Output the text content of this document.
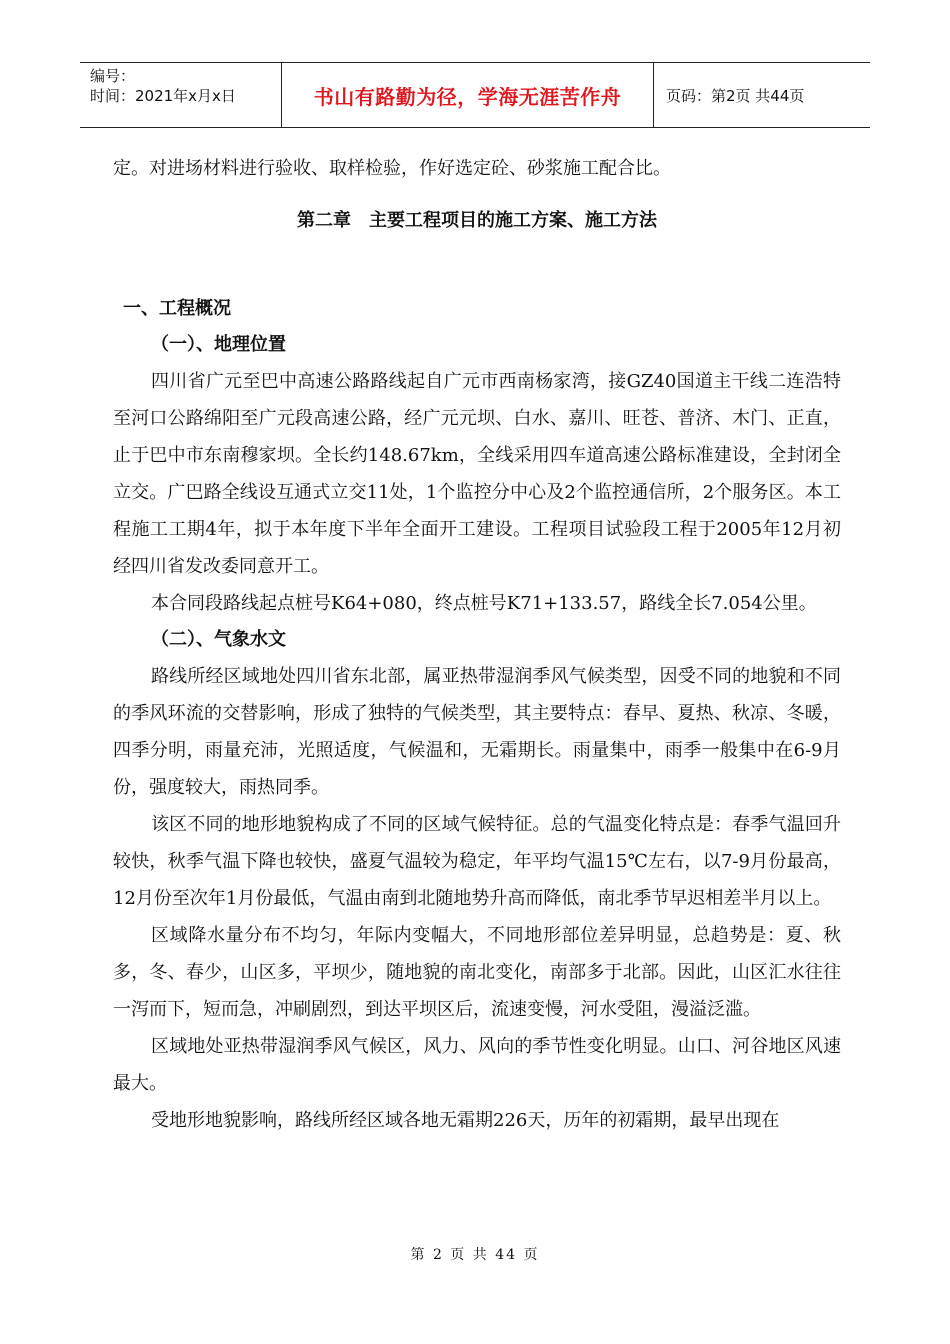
编号：
时间：2021年x月x日	书山有路勤为径，学海无涯苦作舟	页码：第2页 共44页

定。对进场材料进行验收、取样检验，作好选定砼、砂浆施工配合比。

第二章　主要工程项目的施工方案、施工方法
一、工程概况
（一）、地理位置

四川省广元至巴中高速公路路线起自广元市西南杨家湾，接GZ40国道主干线二连浩特至河口公路绵阳至广元段高速公路，经广元元坝、白水、嘉川、旺苍、普济、木门、正直，止于巴中市东南穆家坝。全长约148.67km，全线采用四车道高速公路标准建设，全封闭全立交。广巴路全线设互通式立交11处，1个监控分中心及2个监控通信所，2个服务区。本工程施工工期4年，拟于本年度下半年全面开工建设。工程项目试验段工程于2005年12月初经四川省发改委同意开工。

本合同段路线起点桩号K64+080，终点桩号K71+133.57，路线全长7.054公里。

（二）、气象水文

路线所经区域地处四川省东北部，属亚热带湿润季风气候类型，因受不同的地貌和不同的季风环流的交替影响，形成了独特的气候类型，其主要特点：春早、夏热、秋凉、冬暖，四季分明，雨量充沛，光照适度，气候温和，无霜期长。雨量集中，雨季一般集中在6-9月份，强度较大，雨热同季。

该区不同的地形地貌构成了不同的区域气候特征。总的气温变化特点是：春季气温回升较快，秋季气温下降也较快，盛夏气温较为稳定，年平均气温15℃左右，以7-9月份最高，12月份至次年1月份最低，气温由南到北随地势升高而降低，南北季节早迟相差半月以上。

区域降水量分布不均匀，年际内变幅大，不同地形部位差异明显，总趋势是：夏、秋多，冬、春少，山区多，平坝少，随地貌的南北变化，南部多于北部。因此，山区汇水往往一泻而下，短而急，冲刷剧烈，到达平坝区后，流速变慢，河水受阻，漫溢泛滥。

区域地处亚热带湿润季风气候区，风力、风向的季节性变化明显。山口、河谷地区风速最大。

受地形地貌影响，路线所经区域各地无霜期226天，历年的初霜期，最早出现在

第 2 页 共 44 页
